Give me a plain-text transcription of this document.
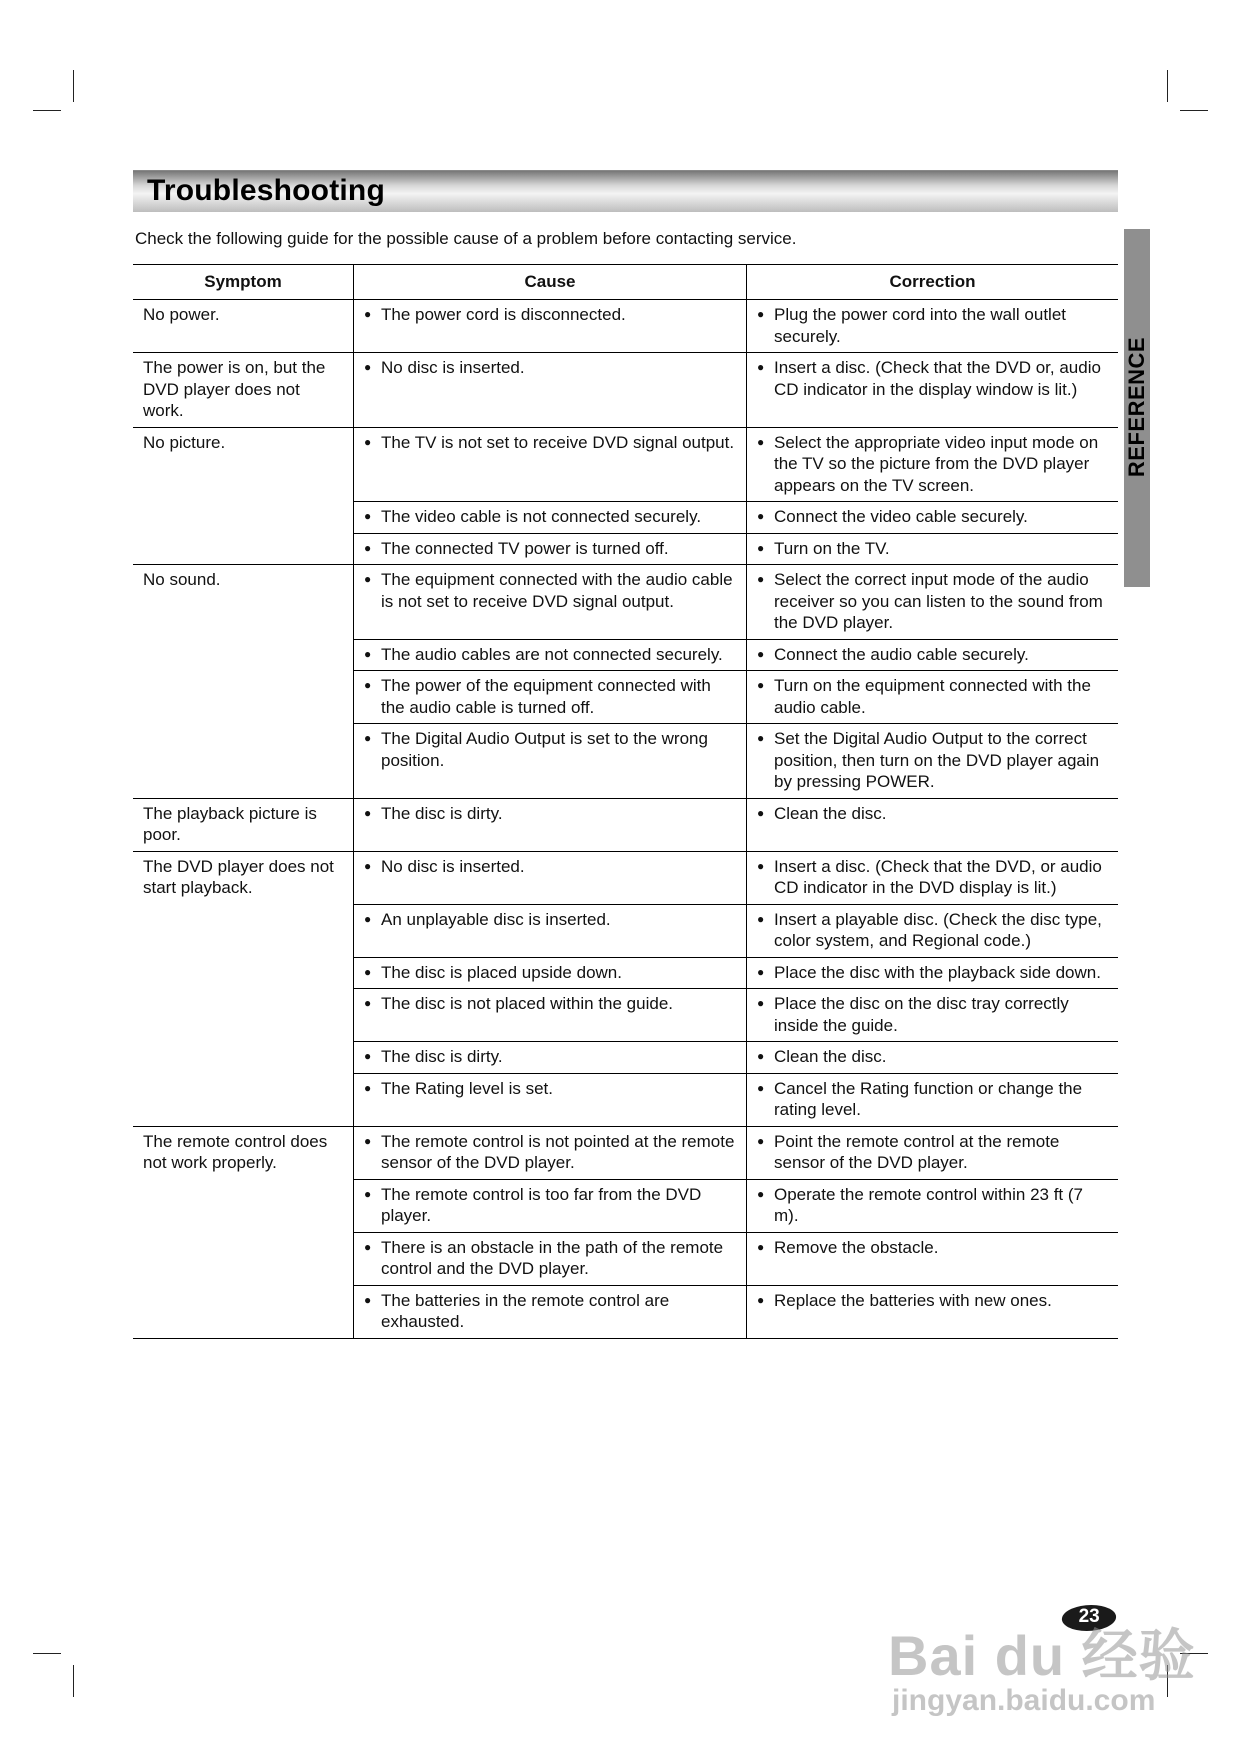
Troubleshooting
Check the following guide for the possible cause of a problem before contacting service.
REFERENCE
Symptom	Cause	Correction
No power.	● The power cord is disconnected.	● Plug the power cord into the wall outlet securely.
The power is on, but the DVD player does not work.	● No disc is inserted.	● Insert a disc. (Check that the DVD or, audio CD indicator in the display window is lit.)
No picture.	● The TV is not set to receive DVD signal output.	● Select the appropriate video input mode on the TV so the picture from the DVD player appears on the TV screen.
	● The video cable is not connected securely.	● Connect the video cable securely.
	● The connected TV power is turned off.	● Turn on the TV.
No sound.	● The equipment connected with the audio cable is not set to receive DVD signal output.	● Select the correct input mode of the audio receiver so you can listen to the sound from the DVD player.
	● The audio cables are not connected securely.	● Connect the audio cable securely.
	● The power of the equipment connected with the audio cable is turned off.	● Turn on the equipment connected with the audio cable.
	● The Digital Audio Output is set to the wrong position.	● Set the Digital Audio Output to the correct position, then turn on the DVD player again by pressing POWER.
The playback picture is poor.	● The disc is dirty.	● Clean the disc.
The DVD player does not start playback.	● No disc is inserted.	● Insert a disc. (Check that the DVD, or audio CD indicator in the DVD display is lit.)
	● An unplayable disc is inserted.	● Insert a playable disc. (Check the disc type, color system, and Regional code.)
	● The disc is placed upside down.	● Place the disc with the playback side down.
	● The disc is not placed within the guide.	● Place the disc on the disc tray correctly inside the guide.
	● The disc is dirty.	● Clean the disc.
	● The Rating level is set.	● Cancel the Rating function or change the rating level.
The remote control does not work properly.	● The remote control is not pointed at the remote sensor of the DVD player.	● Point the remote control at the remote sensor of the DVD player.
	● The remote control is too far from the DVD player.	● Operate the remote control within 23 ft (7 m).
	● There is an obstacle in the path of the remote control and the DVD player.	● Remove the obstacle.
	● The batteries in the remote control are exhausted.	● Replace the batteries with new ones.
23
Bai du 经验
jingyan.baidu.com
